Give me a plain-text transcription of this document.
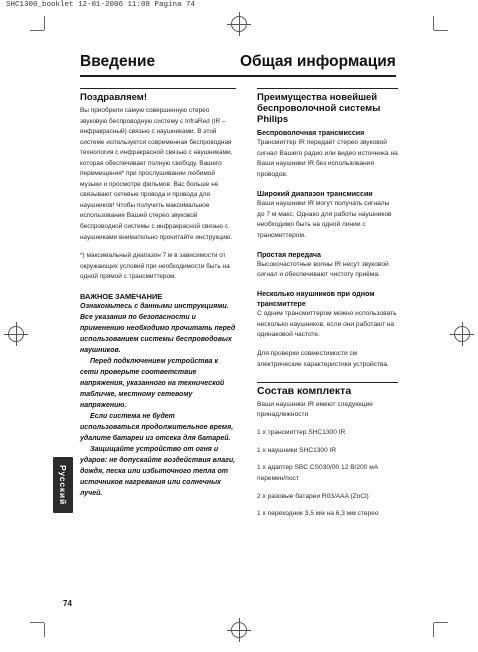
SHC1300_booklet 12-01-2006 11:08 Pagina 74
Введение	Общая информация
Русский
74
Поздравляем!

Вы приобрели самую совершенную стерео звуковую беспроводную систему с InfraRed (IR – инфракрасный) связью с наушниками. В этой системе используется современная беспроводная технология с инфракрасной связью с наушниками, которая обеспечивает полную свободу. Вашего перемещения* при прослушивании любимой музыки и просмотре фильмов. Вас больше не связывают сетевые провода и провода для наушников! Чтобы получить максимальное использование Вашей стерео звуковой беспроводной системы с инфракрасной связью с наушниками внимательно прочитайте инструкцию.

*) максимальный диапазон 7 м в зависимости от окружающих условий при необходимости быть на одной прямой с трансмиттером.

ВАЖНОЕ ЗАМЕЧАНИЕ

Ознакомьтесь с данными инструкциями. Все указания по безопасности и применению необходимо прочитать перед использованием системы беспроводовых наушников.

Перед подключением устройства к сети проверьте соответствие напряжения, указанного на технической табличке, местному сетевому напряжению.

Если система не будет использоваться продолжительное время, удалите батареи из отсека для батарей.

Защищайте устройство от огня и ударов: не допускайте воздействия влаги, дождя, песка или избыточного тепла от источников нагревания или солнечных лучей.

Преимущества новейшей беспроволочной системы Philips
Беспроволочная трансмиссия

Трансмиттер IR передаёт стерео звуковой сигнал Вашего радио или видео источника на Ваши наушники IR без использования проводов.

Широкий диапазон трансмиссии

Ваши наушники IR могут получать сигналы до 7 м макс. Однако для работы наушников необходимо быть на одной линии с трансмиттером.

Простая передача

Высокочастотные волны IR несут звуковой сигнал и обеспечивают чистоту приёма.

Несколько наушников при одном трансмиттере

С одним трансмиттером можно использовать несколько наушников, если они работают на одинаковой частоте.

Для проверки совместимости см электрические характеристики устройства.

Состав комплекта

Ваши наушники IR имеют следующие принадлежности

1 x трансмиттер SHC1300 IR

1 x наушники SHC1300 IR

1 x адаптер SBC CS030/00 12 В/200 мА перемен/пост

2 x разовые батареи R03/AAA (ZnCl)

1 x переходник 3,5 мм на 6,3 мм стерео
